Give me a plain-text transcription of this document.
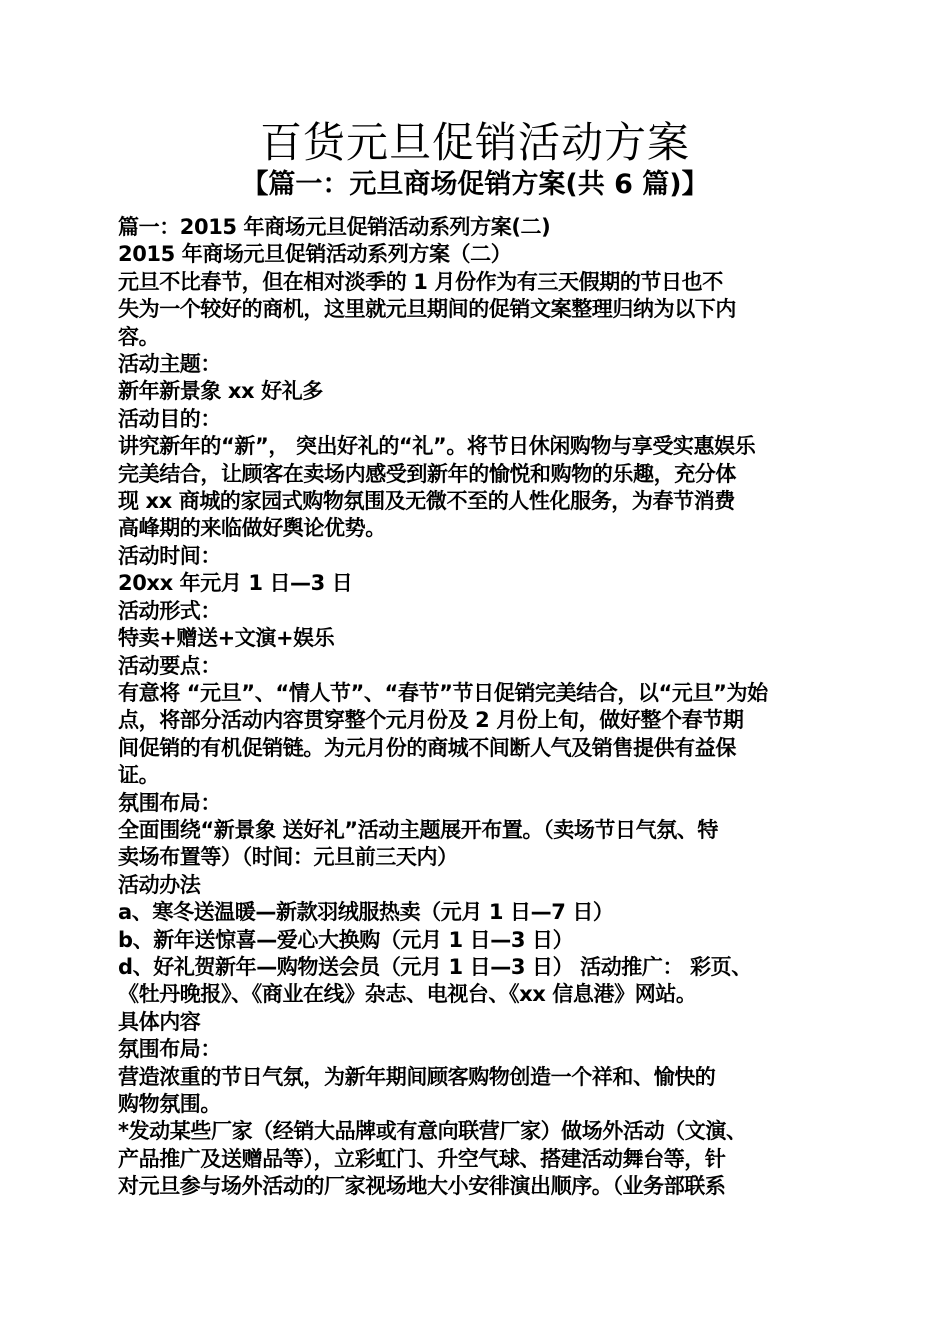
百货元旦促销活动方案
【篇一：元旦商场促销方案(共 6 篇)】

篇一：2015 年商场元旦促销活动系列方案(二)

2015 年商场元旦促销活动系列方案（二）

元旦不比春节，但在相对淡季的 1 月份作为有三天假期的节日也不

失为一个较好的商机，这里就元旦期间的促销文案整理归纳为以下内

容。

活动主题：

新年新景象 xx 好礼多

活动目的：

讲究新年的“新”， 突出好礼的“礼”。将节日休闲购物与享受实惠娱乐

完美结合，让顾客在卖场内感受到新年的愉悦和购物的乐趣，充分体

现 xx 商城的家园式购物氛围及无微不至的人性化服务，为春节消费

高峰期的来临做好舆论优势。

活动时间：

20xx 年元月 1 日—3 日

活动形式：

特卖+赠送+文演+娱乐

活动要点：

有意将 “元旦”、“情人节”、“春节”节日促销完美结合，以“元旦”为始

点，将部分活动内容贯穿整个元月份及 2 月份上旬，做好整个春节期

间促销的有机促销链。为元月份的商城不间断人气及销售提供有益保

证。

氛围布局：

全面围绕“新景象 送好礼”活动主题展开布置。（卖场节日气氛、特

卖场布置等）（时间：元旦前三天内）

活动办法

a、寒冬送温暖—新款羽绒服热卖（元月 1 日—7 日）

b、新年送惊喜—爱心大换购（元月 1 日—3 日）

d、好礼贺新年—购物送会员（元月 1 日—3 日） 活动推广： 彩页、

《牡丹晚报》、《商业在线》杂志、电视台、《xx 信息港》网站。

具体内容

氛围布局：

营造浓重的节日气氛，为新年期间顾客购物创造一个祥和、愉快的

购物氛围。

*发动某些厂家（经销大品牌或有意向联营厂家）做场外活动（文演、

产品推广及送赠品等），立彩虹门、升空气球、搭建活动舞台等，针

对元旦参与场外活动的厂家视场地大小安徘演出顺序。（业务部联系
